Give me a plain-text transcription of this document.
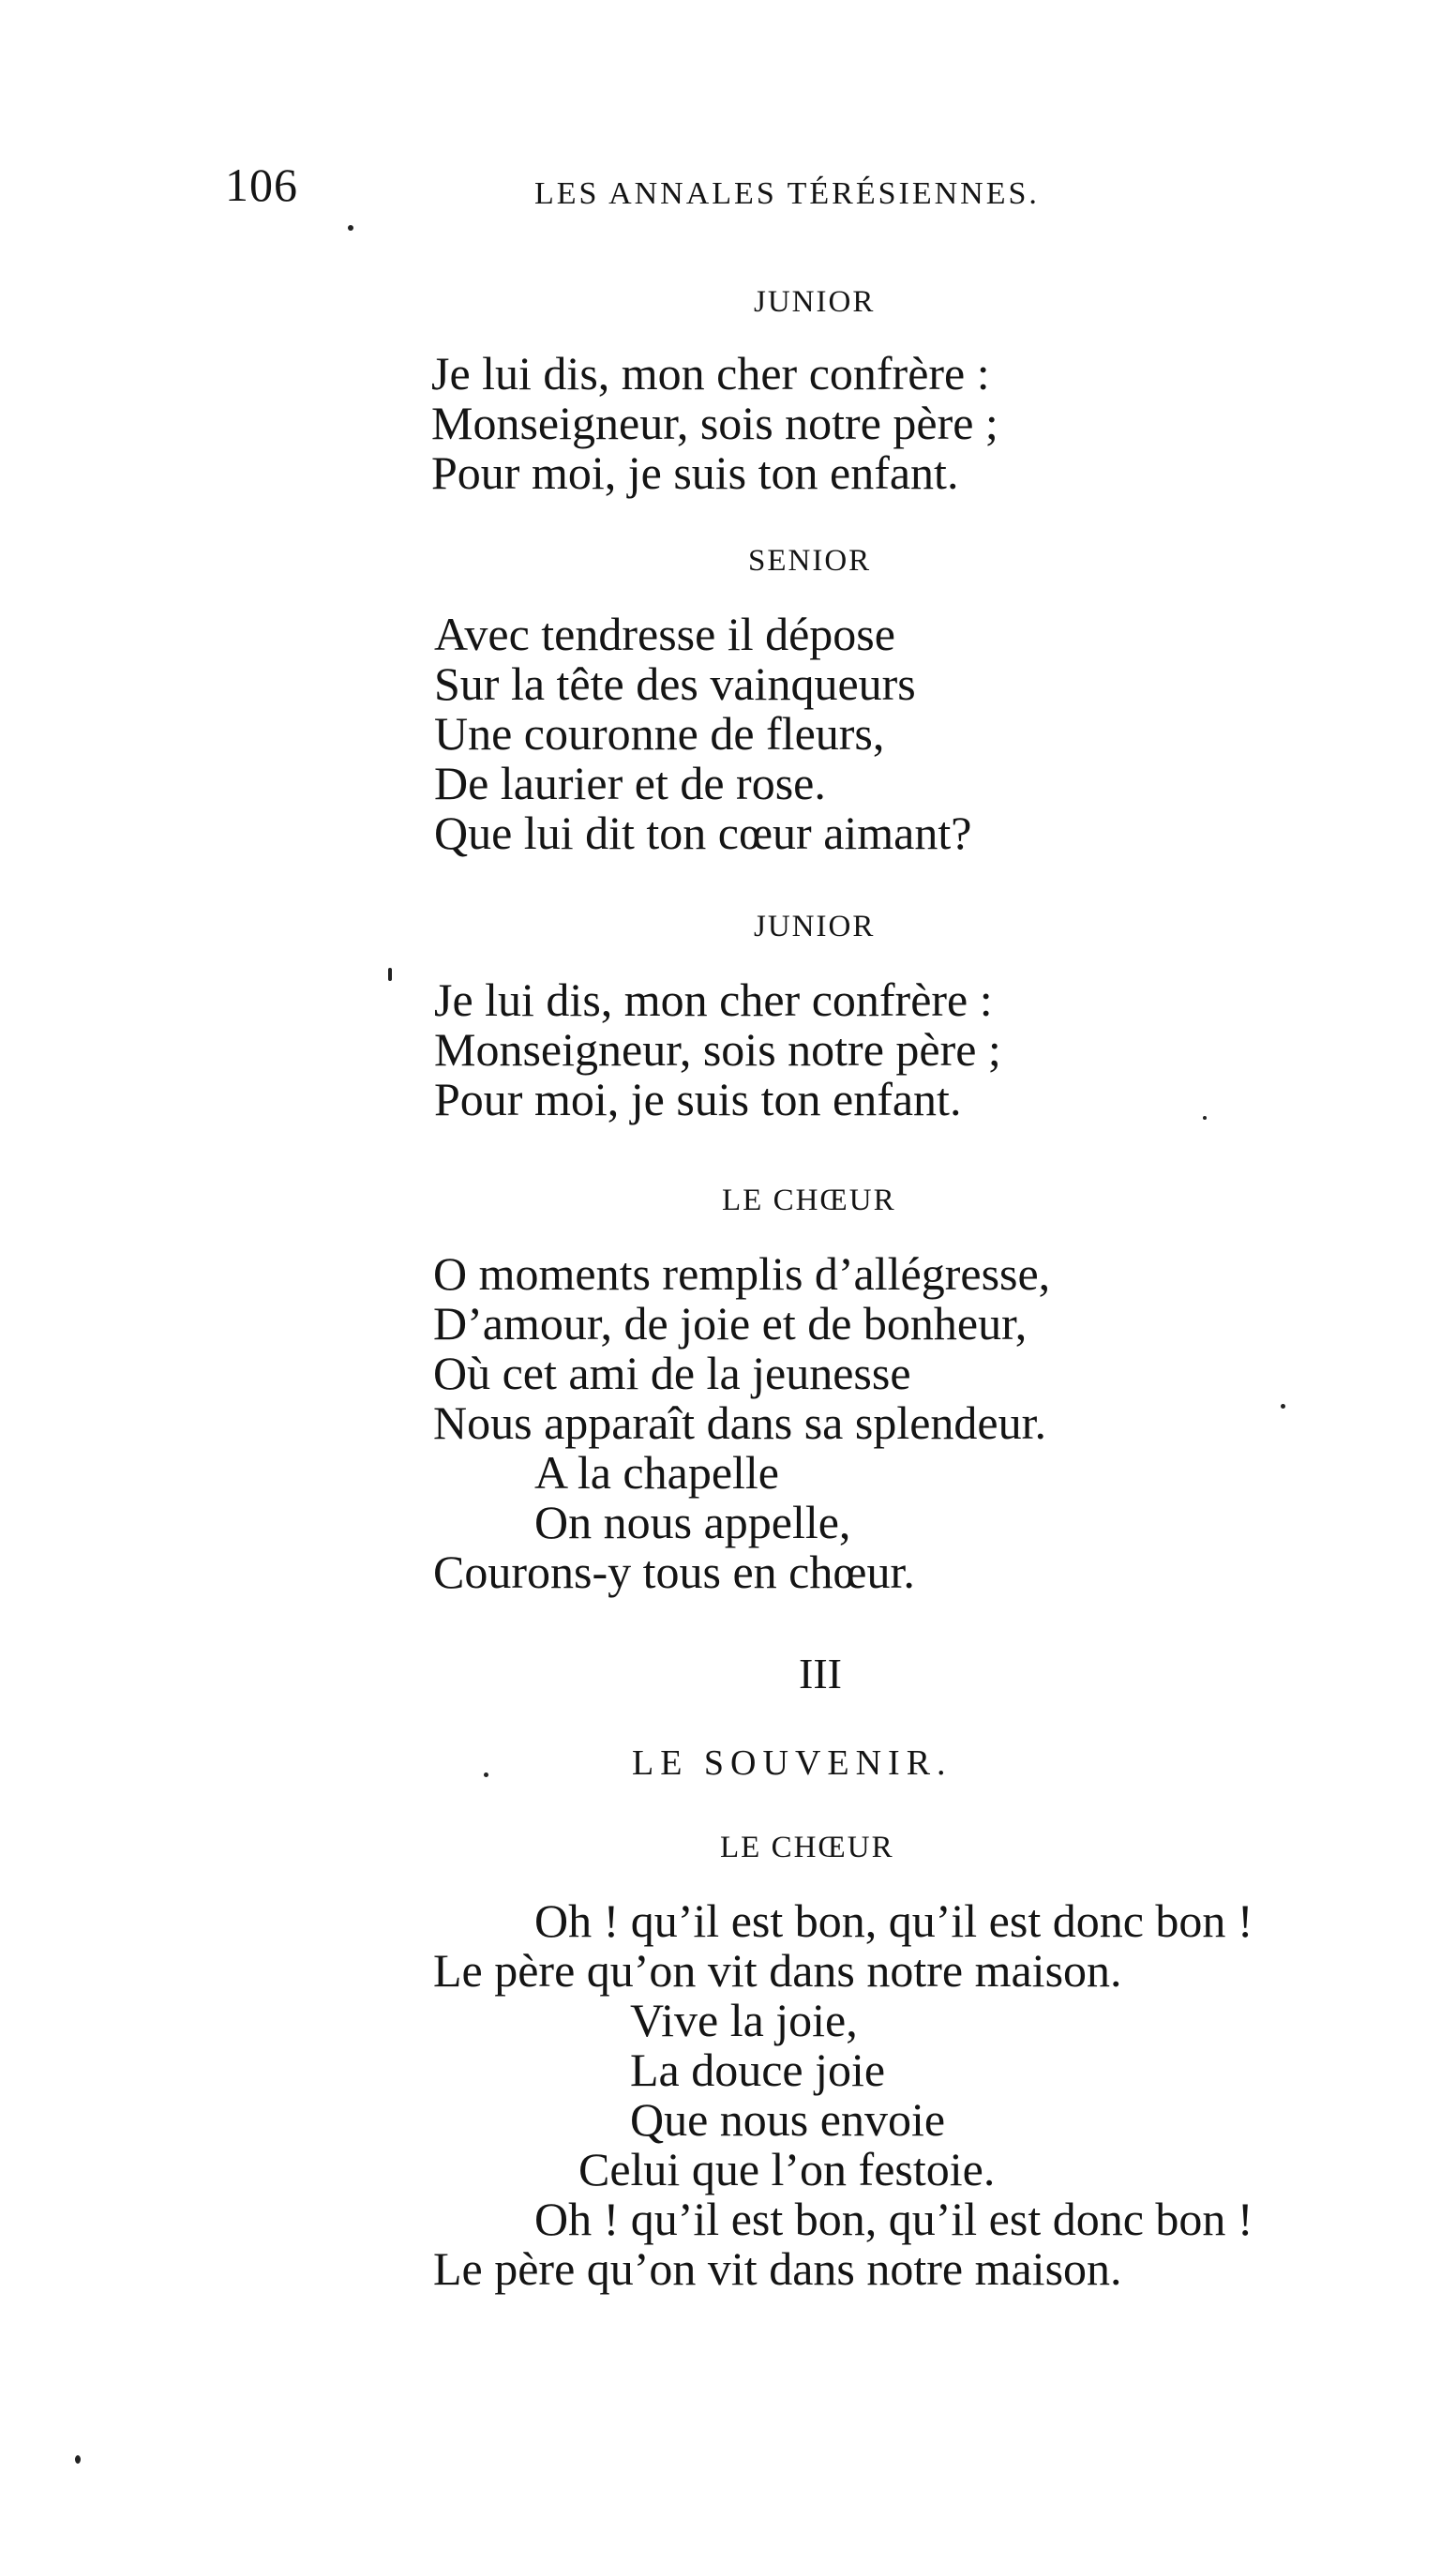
106	LES ANNALES TÉRÉSIENNES.
JUNIOR
Je lui dis, mon cher confrère :
Monseigneur, sois notre père ;
Pour moi, je suis ton enfant.
SENIOR
Avec tendresse il dépose
Sur la tête des vainqueurs
Une couronne de fleurs,
De laurier et de rose.
Que lui dit ton cœur aimant?
JUNIOR
Je lui dis, mon cher confrère :
Monseigneur, sois notre père ;
Pour moi, je suis ton enfant.
LE CHŒUR
O moments remplis d’allégresse,
D’amour, de joie et de bonheur,
Où cet ami de la jeunesse
Nous apparaît dans sa splendeur.
A la chapelle
On nous appelle,
Courons-y tous en chœur.
III
LE SOUVENIR.
LE CHŒUR
Oh ! qu’il est bon, qu’il est donc bon !
Le père qu’on vit dans notre maison.
Vive la joie,
La douce joie
Que nous envoie
Celui que l’on festoie.
Oh ! qu’il est bon, qu’il est donc bon !
Le père qu’on vit dans notre maison.
